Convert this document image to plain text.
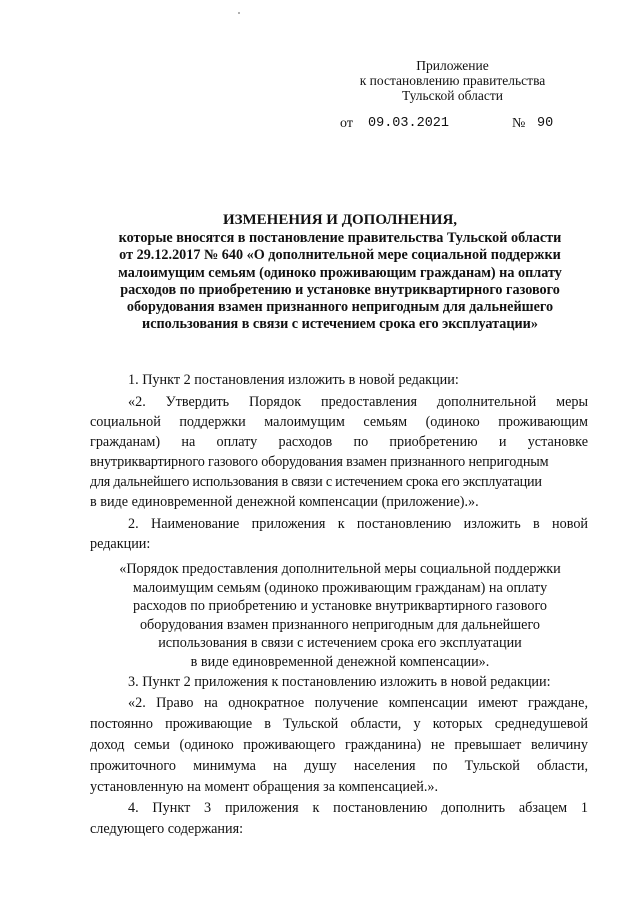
Приложение
к постановлению правительства
Тульской области
от 09.03.2021	№ 90
ИЗМЕНЕНИЯ И ДОПОЛНЕНИЯ,
которые вносятся в постановление правительства Тульской области
от 29.12.2017 № 640 «О дополнительной мере социальной поддержки
малоимущим семьям (одиноко проживающим гражданам) на оплату
расходов по приобретению и установке внутриквартирного газового
оборудования взамен признанного непригодным для дальнейшего
использования в связи с истечением срока его эксплуатации»
1. Пункт 2 постановления изложить в новой редакции:
«2. Утвердить Порядок предоставления дополнительной меры
социальной поддержки малоимущим семьям (одиноко проживающим
гражданам) на оплату расходов по приобретению и установке
внутриквартирного газового оборудования взамен признанного непригодным
для дальнейшего использования в связи с истечением срока его эксплуатации
в виде единовременной денежной компенсации (приложение).».
2. Наименование приложения к постановлению изложить в новой
редакции:
«Порядок предоставления дополнительной меры социальной поддержки
малоимущим семьям (одиноко проживающим гражданам) на оплату
расходов по приобретению и установке внутриквартирного газового
оборудования взамен признанного непригодным для дальнейшего
использования в связи с истечением срока его эксплуатации
в виде единовременной денежной компенсации».
3. Пункт 2 приложения к постановлению изложить в новой редакции:
«2. Право на однократное получение компенсации имеют граждане,
постоянно проживающие в Тульской области, у которых среднедушевой
доход семьи (одиноко проживающего гражданина) не превышает величину
прожиточного минимума на душу населения по Тульской области,
установленную на момент обращения за компенсацией.».
4. Пункт 3 приложения к постановлению дополнить абзацем 1
следующего содержания:
